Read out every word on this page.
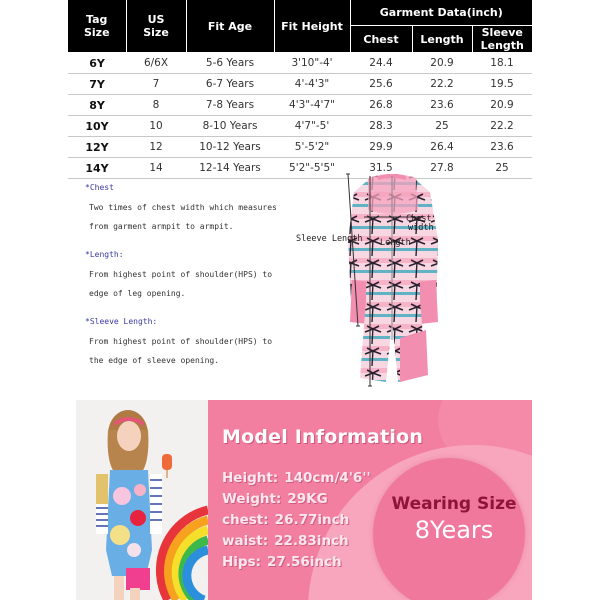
Tag Size	US Size	Fit Age	Fit Height	Garment Data(inch)		
				Chest	Length	Sleeve Length
6Y	6/6X	5-6 Years	3'10"-4'	24.4	20.9	18.1
7Y	7	6-7 Years	4'-4'3"	25.6	22.2	19.5
8Y	8	7-8 Years	4'3"-4'7"	26.8	23.6	20.9
10Y	10	8-10 Years	4'7"-5'	28.3	25	22.2
12Y	12	10-12 Years	5'-5'2"	29.9	26.4	23.6
14Y	14	12-14 Years	5'2"-5'5"	31.5	27.8	25
*Chest
Two times of chest width which measures
from garment armpit to armpit.
*Length:
From highest point of shoulder(HPS) to
edge of leg opening.
*Sleeve Length:
From highest point of shoulder(HPS) to
the edge of sleeve opening.
Sleeve Length
Chest
width
Length
Model Information
Height: 140cm/4'6''
Weight: 29KG
chest: 26.77inch
waist: 22.83inch
Hips: 27.56inch
Wearing Size
8Years
